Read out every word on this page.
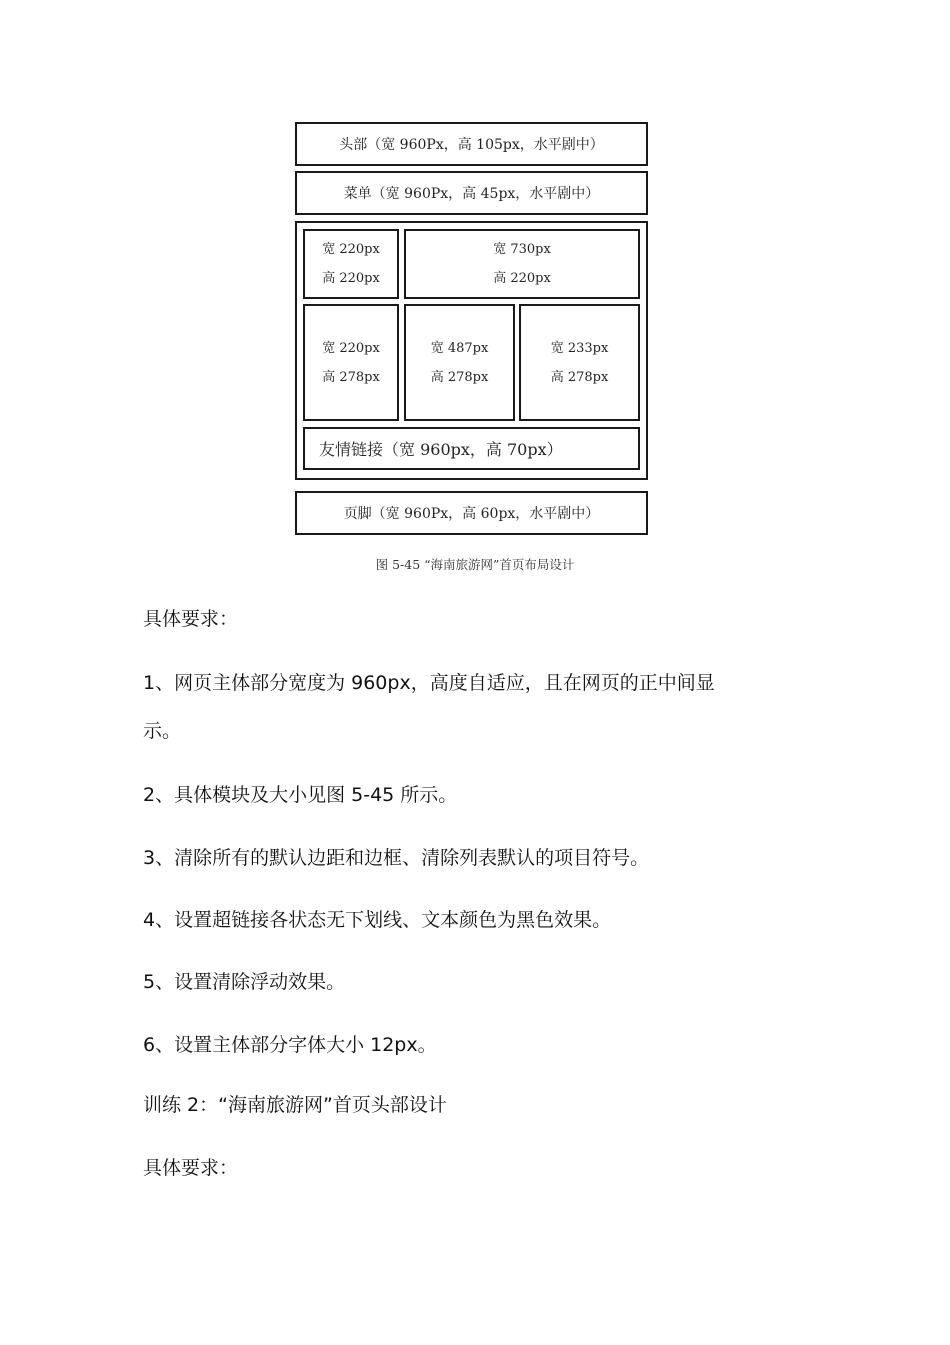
头部（宽 960Px，高 105px，水平剧中）
菜单（宽 960Px，高 45px，水平剧中）
宽 220px
高 220px
宽 730px
高 220px
宽 220px
高 278px
宽 487px
高 278px
宽 233px
高 278px
友情链接（宽 960px，高 70px）
页脚（宽 960Px，高 60px，水平剧中）
图 5-45 “海南旅游网”首页布局设计
具体要求：
1、网页主体部分宽度为 960px，高度自适应，且在网页的正中间显
示。
2、具体模块及大小见图 5-45 所示。
3、清除所有的默认边距和边框、清除列表默认的项目符号。
4、设置超链接各状态无下划线、文本颜色为黑色效果。
5、设置清除浮动效果。
6、设置主体部分字体大小 12px。
训练 2：“海南旅游网”首页头部设计
具体要求：
